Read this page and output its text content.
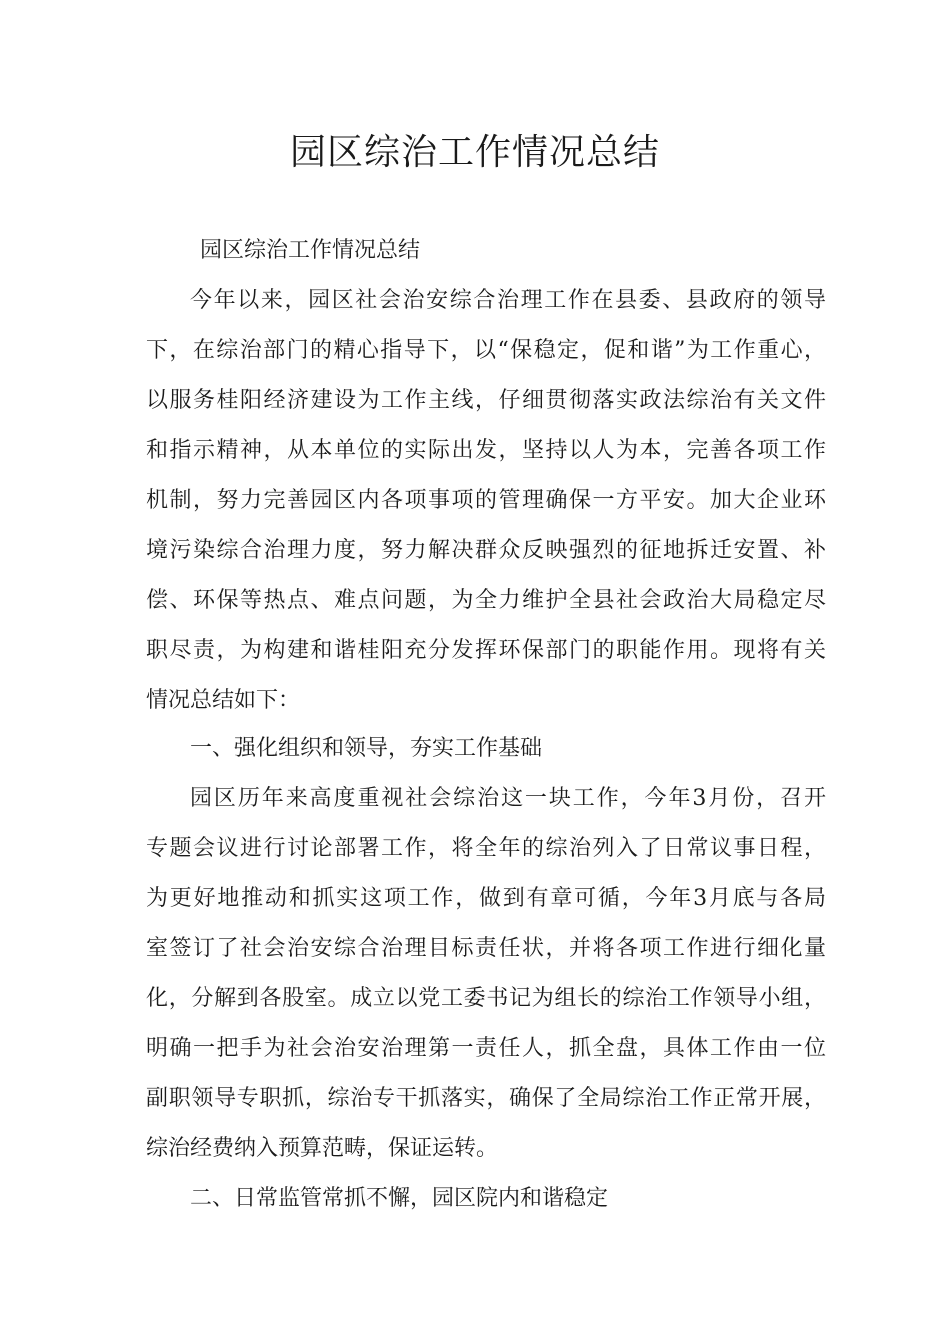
园区综治工作情况总结

园区综治工作情况总结

今年以来，园区社会治安综合治理工作在县委、县政府的领导

下，在综治部门的精心指导下，以“保稳定，促和谐”为工作重心，

以服务桂阳经济建设为工作主线，仔细贯彻落实政法综治有关文件

和指示精神，从本单位的实际出发，坚持以人为本，完善各项工作

机制，努力完善园区内各项事项的管理确保一方平安。加大企业环

境污染综合治理力度，努力解决群众反映强烈的征地拆迁安置、补

偿、环保等热点、难点问题，为全力维护全县社会政治大局稳定尽

职尽责，为构建和谐桂阳充分发挥环保部门的职能作用。现将有关

情况总结如下：

一、强化组织和领导，夯实工作基础

园区历年来高度重视社会综治这一块工作，今年3月份，召开

专题会议进行讨论部署工作，将全年的综治列入了日常议事日程，

为更好地推动和抓实这项工作，做到有章可循，今年3月底与各局

室签订了社会治安综合治理目标责任状，并将各项工作进行细化量

化，分解到各股室。成立以党工委书记为组长的综治工作领导小组，

明确一把手为社会治安治理第一责任人，抓全盘，具体工作由一位

副职领导专职抓，综治专干抓落实，确保了全局综治工作正常开展，

综治经费纳入预算范畴，保证运转。

二、日常监管常抓不懈，园区院内和谐稳定
